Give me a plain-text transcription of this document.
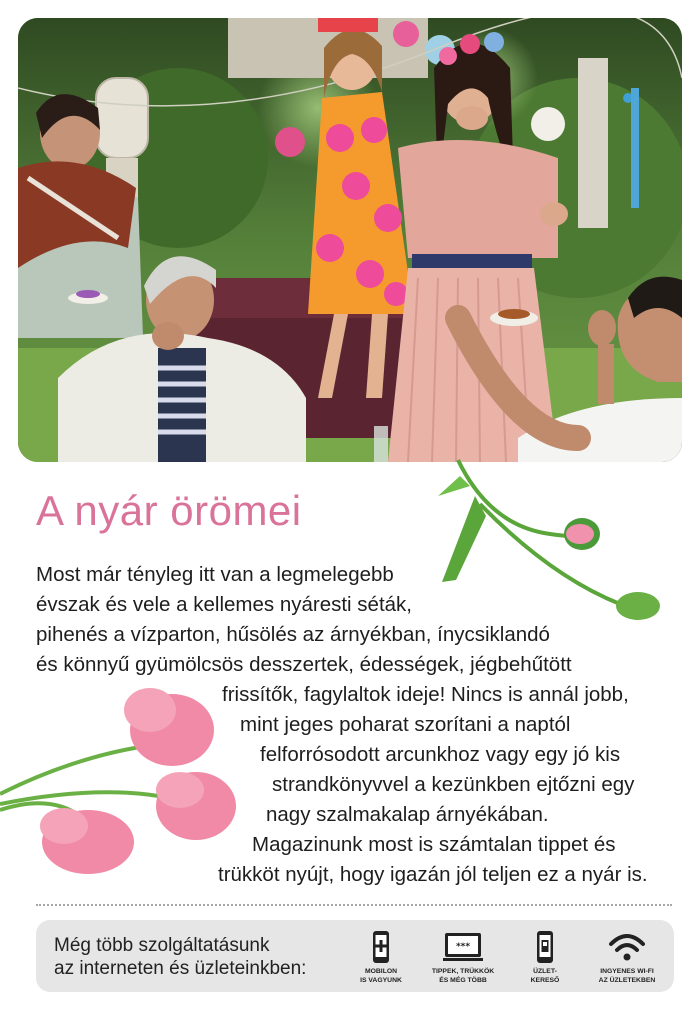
A nyár örömei
Most már tényleg itt van a legmelegebb
évszak és vele a kellemes nyáresti séták,
pihenés a vízparton, hűsölés az árnyékban, ínycsiklandó
és könnyű gyümölcsös desszertek, édességek, jégbehűtött
frissítők, fagylaltok ideje! Nincs is annál jobb,
mint jeges poharat szorítani a naptól
felforrósodott arcunkhoz vagy egy jó kis
strandkönyvvel a kezünkben ejtőzni egy
nagy szalmakalap árnyékában.
Magazinunk most is számtalan tippet és
trükköt nyújt, hogy igazán jól teljen ez a nyár is.
Még több szolgáltatásunk
az interneten és üzleteinkben:	MOBILON
IS VAGYUNK
***
TIPPEK, TRÜKKÖK
ÉS MÉG TÖBB
ÜZLET-
KERESŐ
INGYENES WI-FI
AZ ÜZLETEKBEN
